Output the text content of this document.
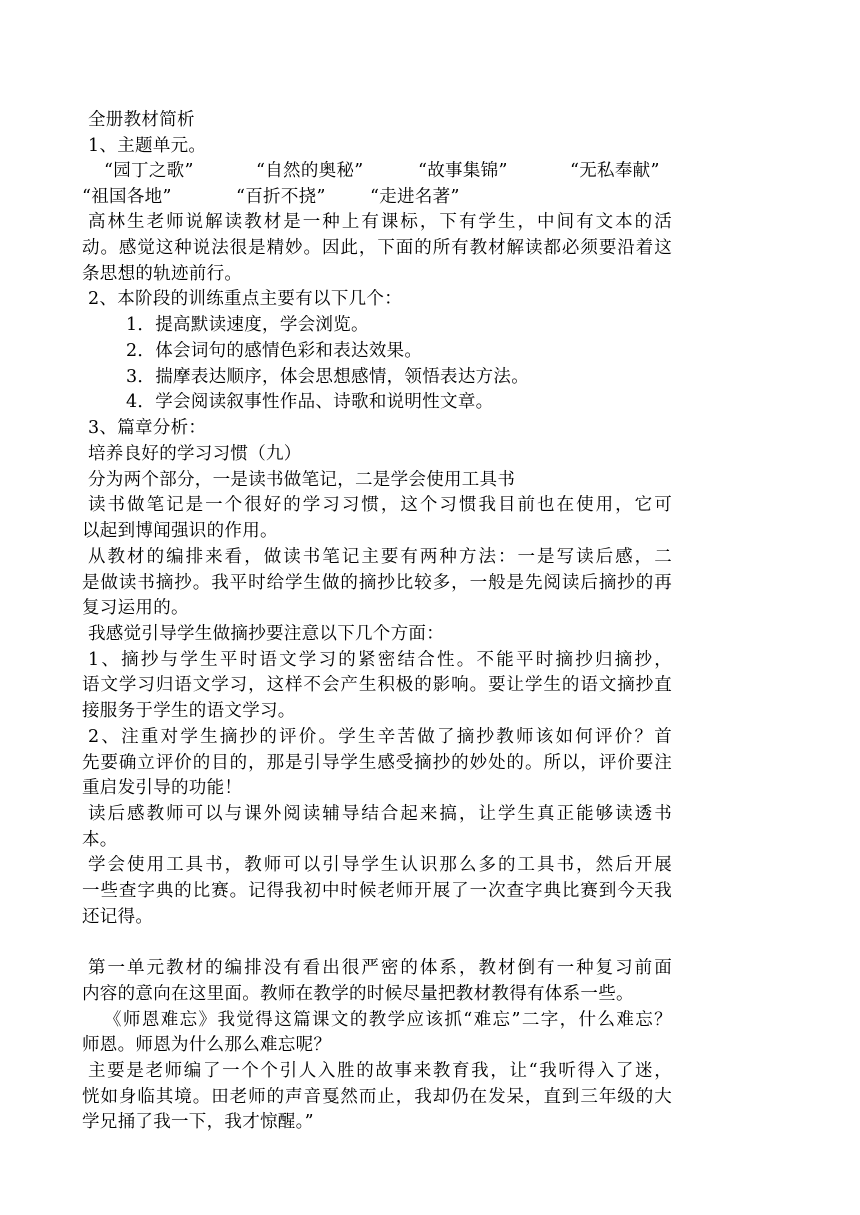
全册教材简析
1、主题单元。
“园丁之歌”	“自然的奥秘”	“故事集锦”	“无私奉献”
“祖国各地”	“百折不挠”	“走进名著”
高林生老师说解读教材是一种上有课标，下有学生，中间有文本的活
动。感觉这种说法很是精妙。因此，下面的所有教材解读都必须要沿着这
条思想的轨迹前行。
2、本阶段的训练重点主要有以下几个：
1．提高默读速度，学会浏览。
2．体会词句的感情色彩和表达效果。
3．揣摩表达顺序，体会思想感情，领悟表达方法。
4．学会阅读叙事性作品、诗歌和说明性文章。
3、篇章分析：
培养良好的学习习惯（九）
分为两个部分，一是读书做笔记，二是学会使用工具书
读书做笔记是一个很好的学习习惯，这个习惯我目前也在使用，它可
以起到博闻强识的作用。
从教材的编排来看，做读书笔记主要有两种方法：一是写读后感，二
是做读书摘抄。我平时给学生做的摘抄比较多，一般是先阅读后摘抄的再
复习运用的。
我感觉引导学生做摘抄要注意以下几个方面：
1、摘抄与学生平时语文学习的紧密结合性。不能平时摘抄归摘抄，
语文学习归语文学习，这样不会产生积极的影响。要让学生的语文摘抄直
接服务于学生的语文学习。
2、注重对学生摘抄的评价。学生辛苦做了摘抄教师该如何评价？首
先要确立评价的目的，那是引导学生感受摘抄的妙处的。所以，评价要注
重启发引导的功能！
读后感教师可以与课外阅读辅导结合起来搞，让学生真正能够读透书
本。
学会使用工具书，教师可以引导学生认识那么多的工具书，然后开展
一些查字典的比赛。记得我初中时候老师开展了一次查字典比赛到今天我
还记得。
第一单元教材的编排没有看出很严密的体系，教材倒有一种复习前面
内容的意向在这里面。教师在教学的时候尽量把教材教得有体系一些。
《师恩难忘》我觉得这篇课文的教学应该抓“难忘”二字，什么难忘？
师恩。师恩为什么那么难忘呢？
主要是老师编了一个个引人入胜的故事来教育我，让“我听得入了迷，
恍如身临其境。田老师的声音戛然而止，我却仍在发呆，直到三年级的大
学兄捅了我一下，我才惊醒。”
